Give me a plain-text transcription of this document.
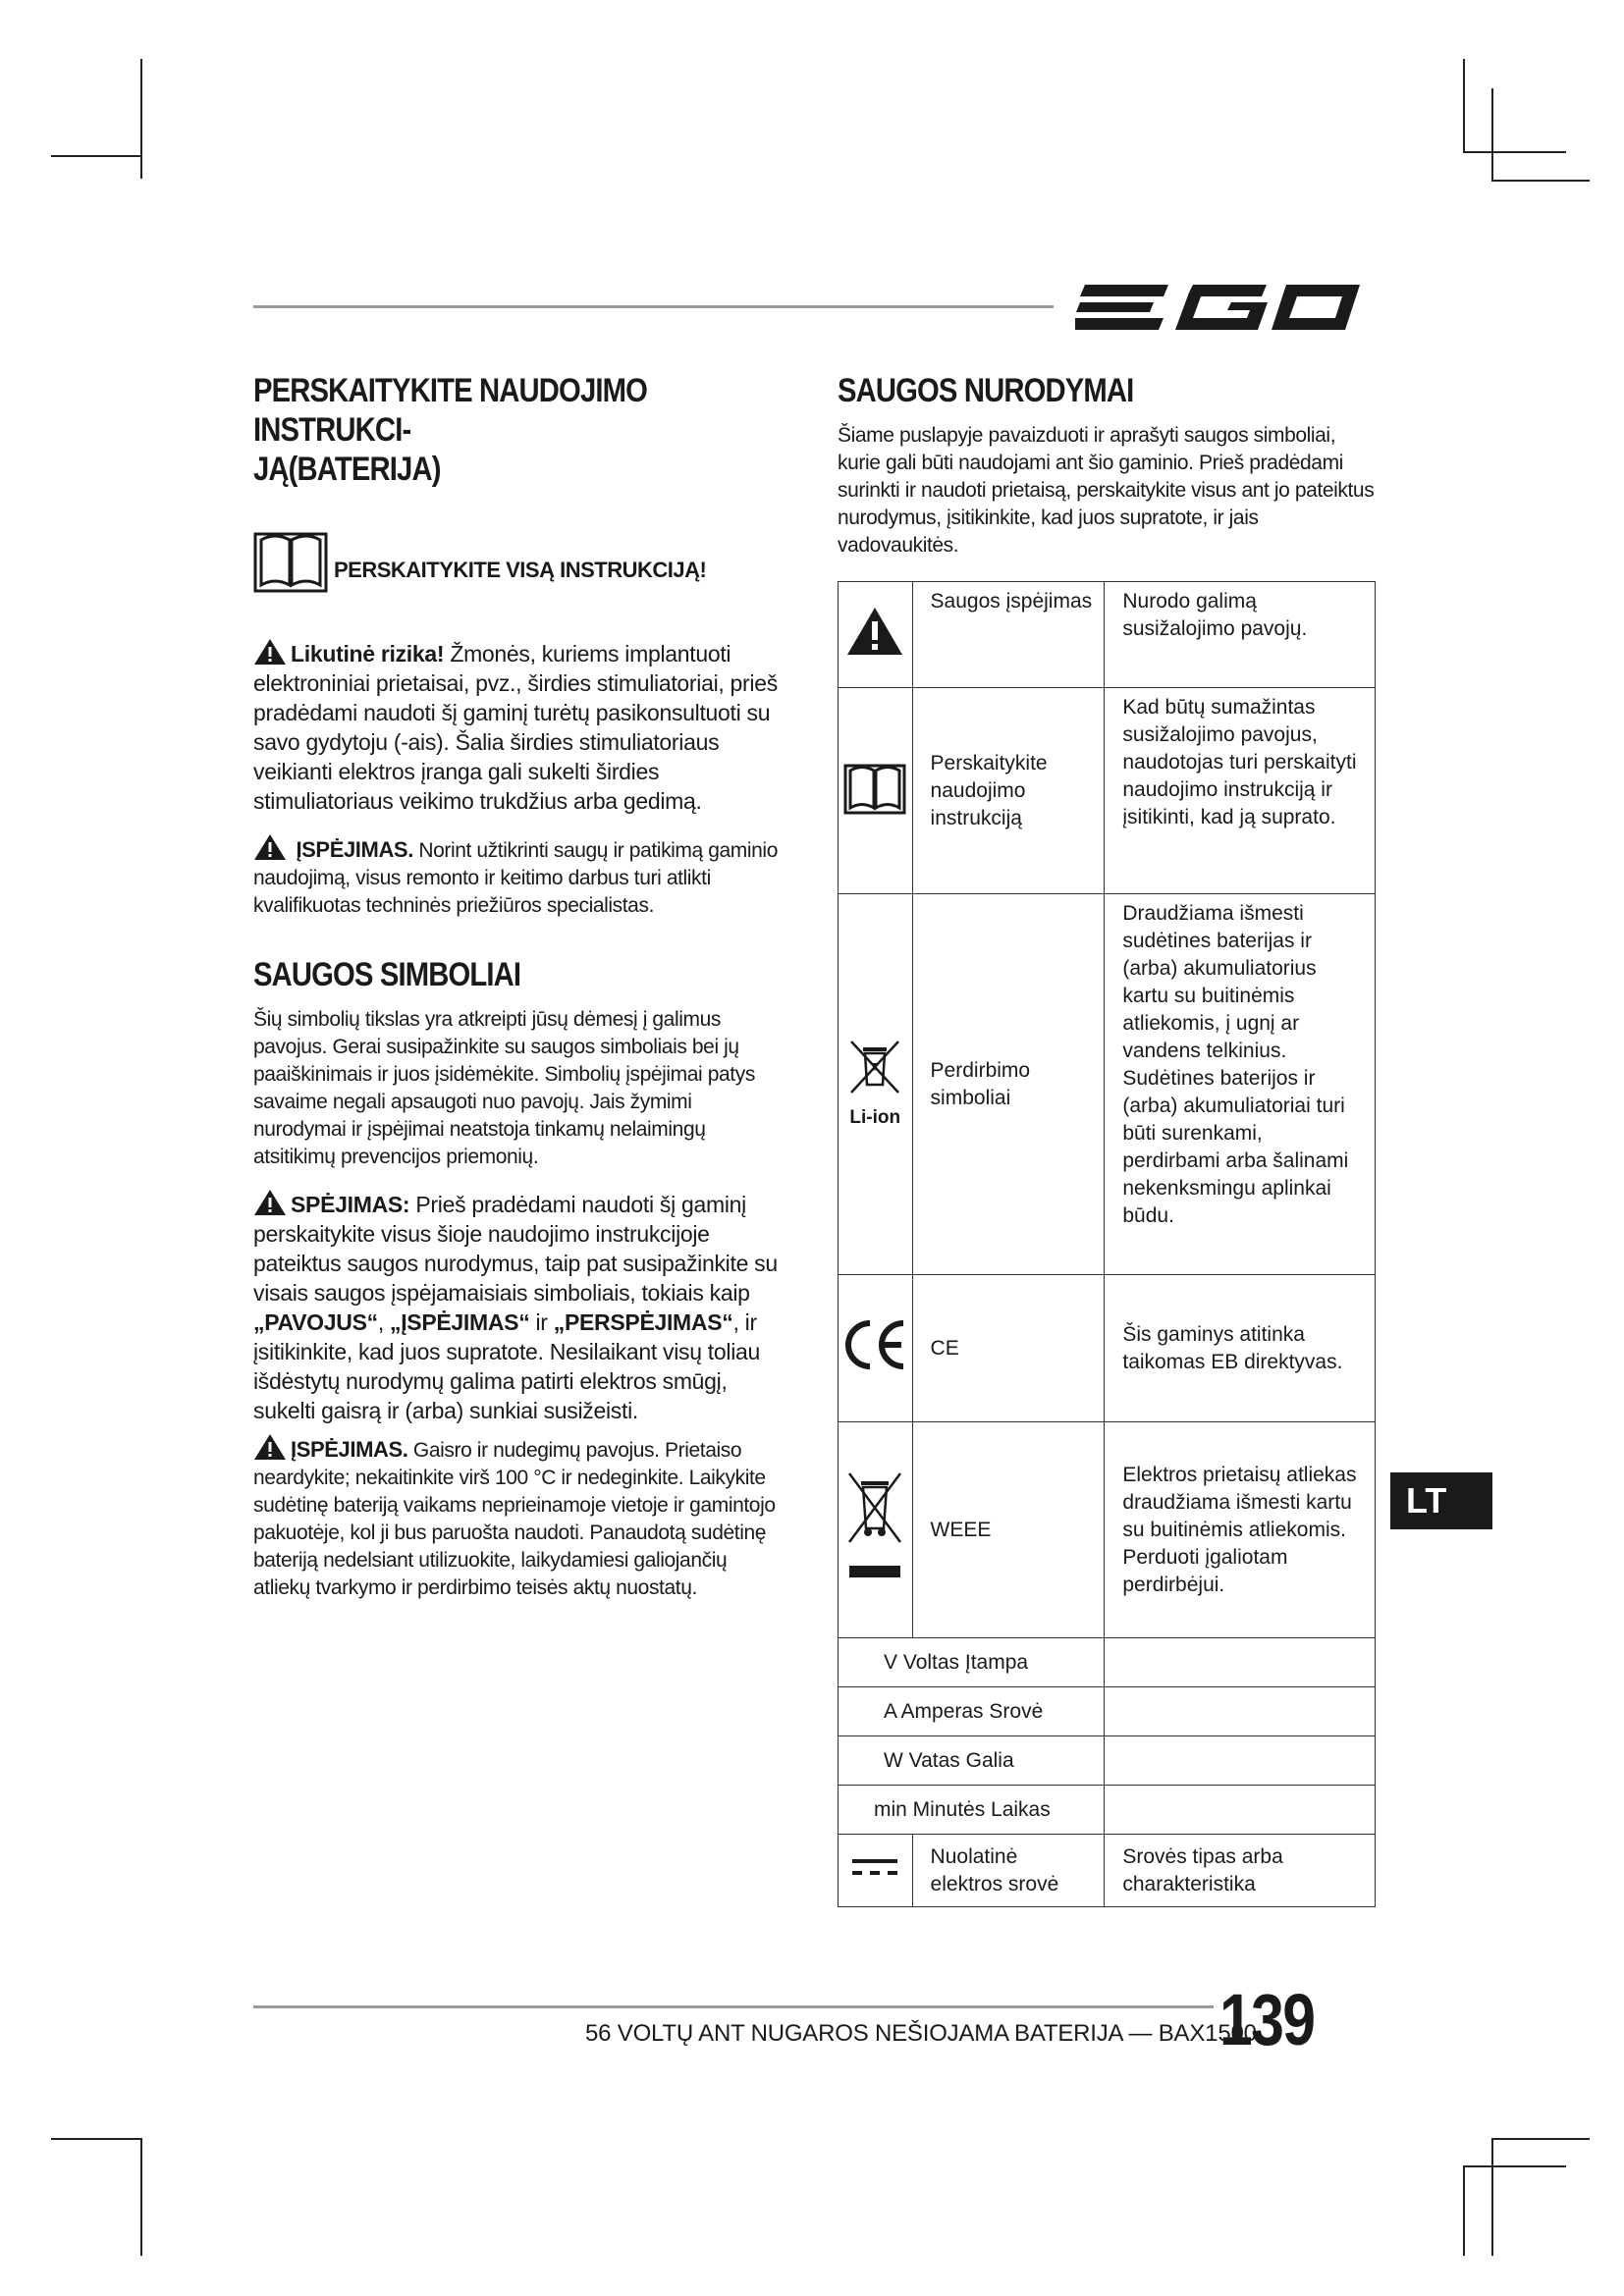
PERSKAITYKITE NAUDOJIMO INSTRUKCI-
JĄ(BATERIJA)
PERSKAITYKITE VISĄ INSTRUKCIJĄ!

Likutinė rizika! Žmonės, kuriems implantuoti elektroniniai prietaisai, pvz., širdies stimuliatoriai, prieš pradėdami naudoti šį gaminį turėtų pasikonsultuoti su savo gydytoju (-ais). Šalia širdies stimuliatoriaus veikianti elektros įranga gali sukelti širdies stimuliatoriaus veikimo trukdžius arba gedimą.

ĮSPĖJIMAS. Norint užtikrinti saugų ir patikimą gaminio naudojimą, visus remonto ir keitimo darbus turi atlikti kvalifikuotas techninės priežiūros specialistas.

SAUGOS SIMBOLIAI

Šių simbolių tikslas yra atkreipti jūsų dėmesį į galimus pavojus. Gerai susipažinkite su saugos simboliais bei jų paaiškinimais ir juos įsidėmėkite. Simbolių įspėjimai patys savaime negali apsaugoti nuo pavojų. Jais žymimi nurodymai ir įspėjimai neatstoja tinkamų nelaimingų atsitikimų prevencijos priemonių.

SPĖJIMAS: Prieš pradėdami naudoti šį gaminį perskaitykite visus šioje naudojimo instrukcijoje pateiktus saugos nurodymus, taip pat susipažinkite su visais saugos įspėjamaisiais simboliais, tokiais kaip „PAVOJUS“, „ĮSPĖJIMAS“ ir „PERSPĖJIMAS“, ir įsitikinkite, kad juos supratote. Nesilaikant visų toliau išdėstytų nurodymų galima patirti elektros smūgį, sukelti gaisrą ir (arba) sunkiai susižeisti.

ĮSPĖJIMAS. Gaisro ir nudegimų pavojus. Prietaiso neardykite; nekaitinkite virš 100 °C ir nedeginkite. Laikykite sudėtinę bateriją vaikams neprieinamoje vietoje ir gamintojo pakuotėje, kol ji bus paruošta naudoti. Panaudotą sudėtinę bateriją nedelsiant utilizuokite, laikydamiesi galiojančių atliekų tvarkymo ir perdirbimo teisės aktų nuostatų.

SAUGOS NURODYMAI

Šiame puslapyje pavaizduoti ir aprašyti saugos simboliai, kurie gali būti naudojami ant šio gaminio. Prieš pradėdami surinkti ir naudoti prietaisą, perskaitykite visus ant jo pateiktus nurodymus, įsitikinkite, kad juos supratote, ir jais vadovaukitės.

	Saugos įspėjimas	Nurodo galimą susižalojimo pavojų.
	Perskaitykite naudojimo instrukciją	Kad būtų sumažintas susižalojimo pavojus, naudotojas turi perskaityti naudojimo instrukciją ir įsitikinti, kad ją suprato.

Li-ion	Perdirbimo simboliai	Draudžiama išmesti sudėtines baterijas ir (arba) akumuliatorius kartu su buitinėmis atliekomis, į ugnį ar vandens telkinius. Sudėtines baterijos ir (arba) akumuliatoriai turi būti surenkami, perdirbami arba šalinami nekenksmingu aplinkai būdu.
	CE	Šis gaminys atitinka taikomas EB direktyvas.
	WEEE	Elektros prietaisų atliekas draudžiama išmesti kartu su buitinėmis atliekomis. Perduoti įgaliotam perdirbėjui.
V Voltas Įtampa		
A Amperas Srovė		
W Vatas Galia		
min Minutės Laikas		
	Nuolatinė elektros srovė	Srovės tipas arba charakteristika
LT
56 VOLTŲ ANT NUGAROS NEŠIOJAMA BATERIJA — BAX1500
139
